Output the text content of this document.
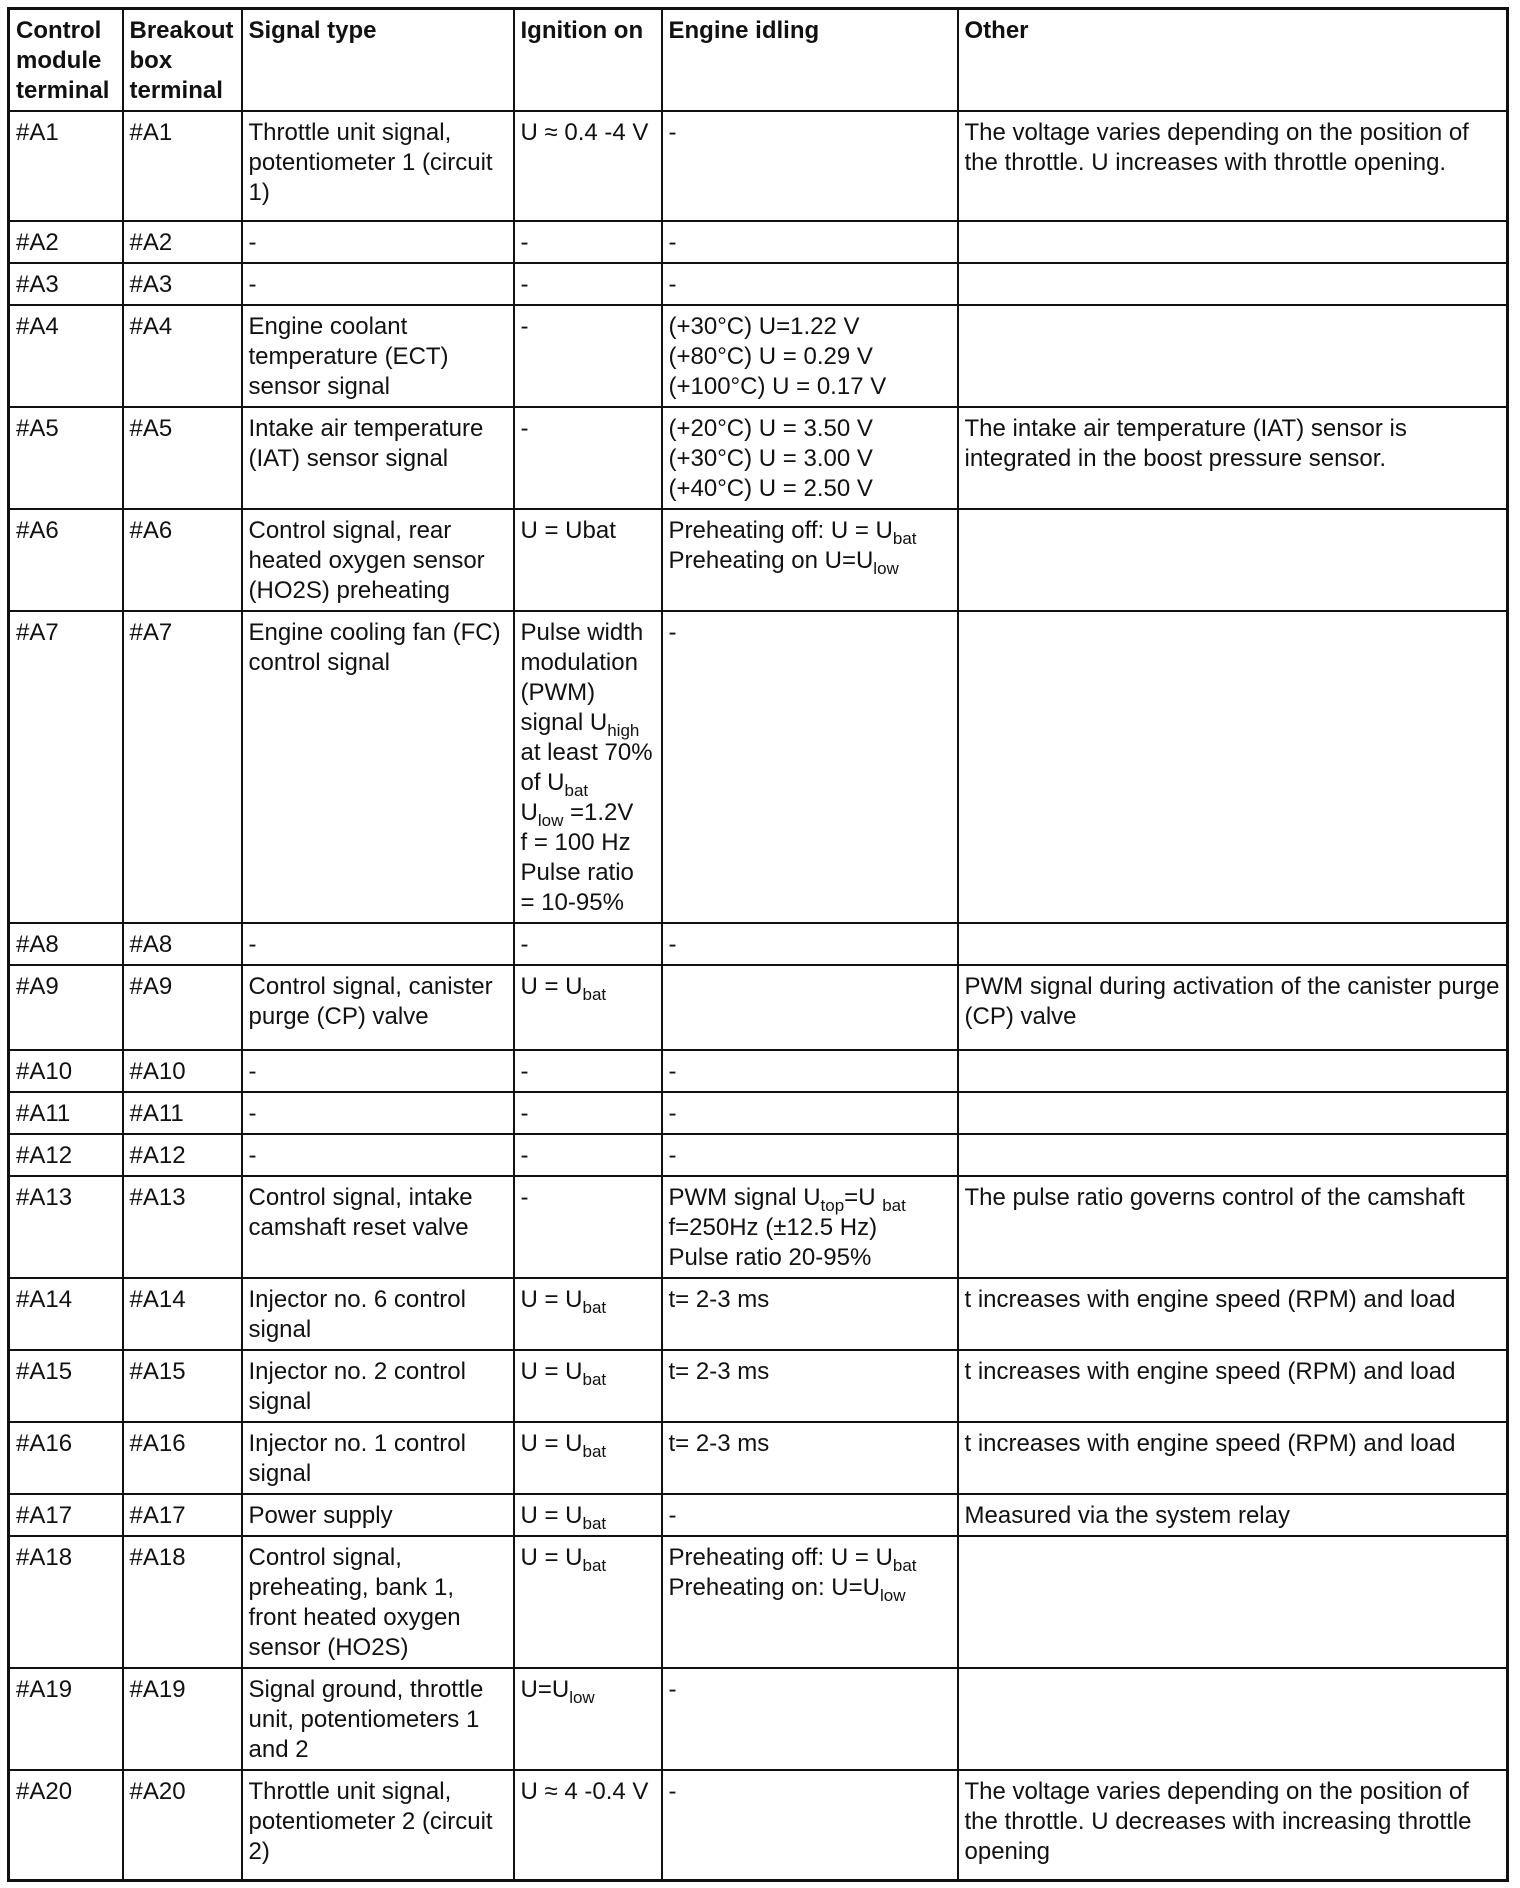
Control module terminal	Breakout box terminal	Signal type	Ignition on	Engine idling	Other
#A1	#A1	Throttle unit signal, potentiometer 1 (circuit 1)	U ≈ 0.4 -4 V	-	The voltage varies depending on the position of the throttle. U increases with throttle opening.
#A2	#A2	-	-	-	

#A3	#A3	-	-	-	

#A4	#A4	Engine coolant temperature (ECT) sensor signal	-	(+30°C) U=1.22 V
(+80°C) U = 0.29 V
(+100°C) U = 0.17 V	

#A5	#A5	Intake air temperature (IAT) sensor signal	-	(+20°C) U = 3.50 V
(+30°C) U = 3.00 V
(+40°C) U = 2.50 V	The intake air temperature (IAT) sensor is integrated in the boost pressure sensor.
#A6	#A6	Control signal, rear heated oxygen sensor (HO2S) preheating	U = Ubat	Preheating off: $U = U_{bat}$
Preheating on $U=U_{low}$

#A7	#A7	Engine cooling fan (FC) control signal	Pulse width modulation (PWM) signal $U_{high}$ at least 70% of $U_{bat}$
$U_{low} =1.2V$
f = 100 Hz
Pulse ratio = 10-95%	-	

#A8	#A8	-	-	-	

#A9	#A9	Control signal, canister purge (CP) valve	$U = U_{bat}$		PWM signal during activation of the canister purge (CP) valve
#A10	#A10	-	-	-	

#A11	#A11	-	-	-	

#A12	#A12	-	-	-	

#A13	#A13	Control signal, intake camshaft reset valve	-	PWM signal $U_{top}=U$ $_{bat}$
f=250Hz (±12.5 Hz)
Pulse ratio 20-95%	The pulse ratio governs control of the camshaft
#A14	#A14	Injector no. 6 control signal	$U = U_{bat}$	t= 2-3 ms	t increases with engine speed (RPM) and load
#A15	#A15	Injector no. 2 control signal	$U = U_{bat}$	t= 2-3 ms	t increases with engine speed (RPM) and load
#A16	#A16	Injector no. 1 control signal	$U = U_{bat}$	t= 2-3 ms	t increases with engine speed (RPM) and load
#A17	#A17	Power supply	$U = U_{bat}$	-	Measured via the system relay
#A18	#A18	Control signal, preheating, bank 1, front heated oxygen sensor (HO2S)	$U = U_{bat}$	Preheating off: $U = U_{bat}$
Preheating on: $U=U_{low}$

#A19	#A19	Signal ground, throttle unit, potentiometers 1 and 2	$U=U_{low}$	-	

#A20	#A20	Throttle unit signal, potentiometer 2 (circuit 2)	U ≈ 4 -0.4 V	-	The voltage varies depending on the position of the throttle. U decreases with increasing throttle opening
